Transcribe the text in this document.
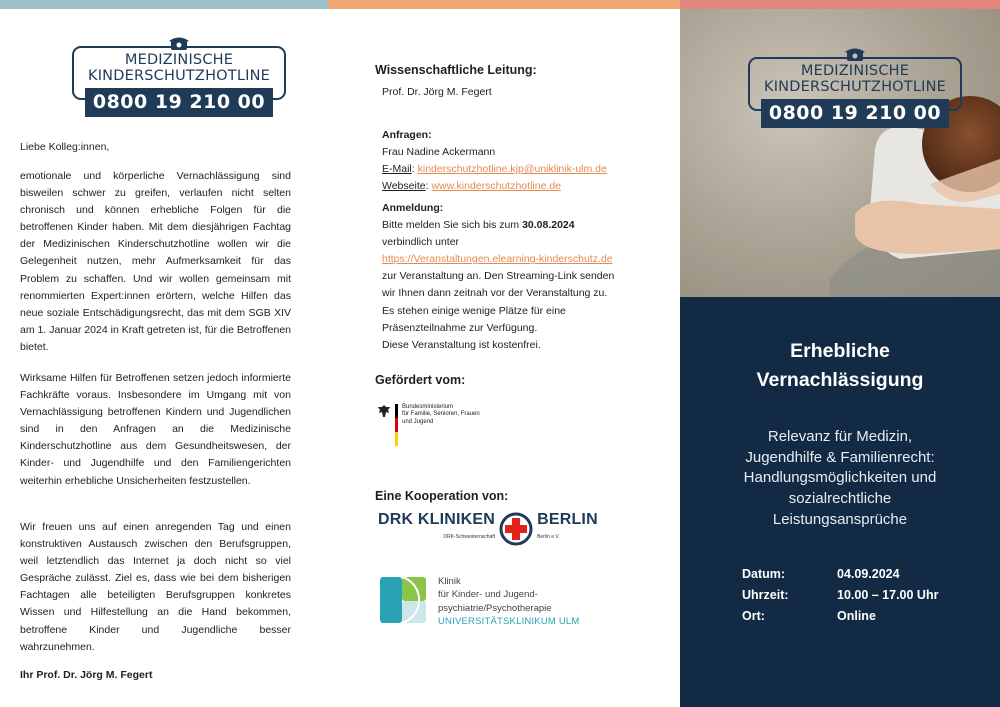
MEDIZINISCHE
KINDERSCHUTZHOTLINE
0800 19 210 00
Liebe Kolleg:innen,

emotionale und körperliche Vernachlässigung sind bisweilen schwer zu greifen, verlaufen nicht selten chronisch und können erhebliche Folgen für die betroffenen Kinder haben. Mit dem diesjährigen Fachtag der Medizinischen Kinderschutzhotline wollen wir die Gelegenheit nutzen, mehr Aufmerksamkeit für das Problem zu schaffen. Und wir wollen gemeinsam mit renommierten Expert:innen erörtern, welche Hilfen das neue soziale Entschädigungsrecht, das mit dem SGB XIV am 1. Januar 2024 in Kraft getreten ist, für die Betroffenen bietet.

Wirksame Hilfen für Betroffenen setzen jedoch informierte Fachkräfte voraus. Insbesondere im Umgang mit von Vernachlässigung betroffenen Kindern und Jugendlichen sind in den Anfragen an die Medizinische Kinderschutzhotline aus dem Gesundheitswesen, der Kinder- und Jugendhilfe und den Familiengerichten weiterhin erhebliche Unsicherheiten festzustellen.

Wir freuen uns auf einen anregenden Tag und einen konstruktiven Austausch zwischen den Berufsgruppen, weil letztendlich das Internet ja doch nicht so viel Gespräche zulässt. Ziel es, dass wie bei dem bisherigen Fachtagen alle beteiligten Berufsgruppen konkretes Wissen und Hilfestellung an die Hand bekommen, betroffene Kinder und Jugendliche besser wahrzunehmen.

Ihr Prof. Dr. Jörg M. Fegert
Wissenschaftliche Leitung:
Prof. Dr. Jörg M. Fegert
Anfragen:
Frau Nadine Ackermann
E-Mail: kinderschutzhotline.kjp@uniklinik-ulm.de
Webseite: www.kinderschutzhotline.de
Anmeldung:
Bitte melden Sie sich bis zum 30.08.2024
verbindlich unter
https://Veranstaltungen.elearning-kinderschutz.de
zur Veranstaltung an. Den Streaming-Link senden
wir Ihnen dann zeitnah vor der Veranstaltung zu.
Es stehen einige wenige Plätze für eine
Präsenzteilnahme zur Verfügung.
Diese Veranstaltung ist kostenfrei.
Gefördert vom:
Bundesministerium
für Familie, Senioren, Frauen
und Jugend
Eine Kooperation von:
DRK KLINIKEN
DRK-Schwesternschaft
BERLIN
Berlin e.V.
Klinik
für Kinder- und Jugend-
psychiatrie/Psychotherapie
UNIVERSITÄTSKLINIKUM ULM
MEDIZINISCHE
KINDERSCHUTZHOTLINE
0800 19 210 00
Erhebliche
Vernachlässigung
Relevanz für Medizin,
Jugendhilfe & Familienrecht:
Handlungsmöglichkeiten und
sozialrechtliche
Leistungsansprüche
Datum:	04.09.2024
Uhrzeit:	10.00 – 17.00 Uhr
Ort:	Online
